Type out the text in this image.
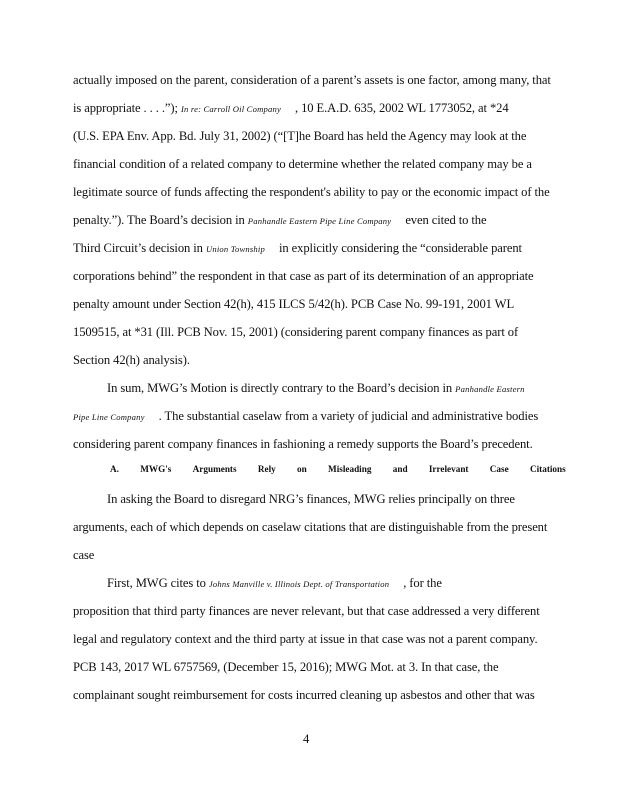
actually imposed on the parent, consideration of a parent’s assets is one factor, among many, that
is appropriate . . . .”); In re: Carroll Oil Company , 10 E.A.D. 635, 2002 WL 1773052, at *24
(U.S. EPA Env. App. Bd. July 31, 2002) (“[T]he Board has held the Agency may look at the
financial condition of a related company to determine whether the related company may be a
legitimate source of funds affecting the respondent's ability to pay or the economic impact of the
penalty.”). The Board’s decision in Panhandle Eastern Pipe Line Company even cited to the
Third Circuit’s decision in Union Township in explicitly considering the “considerable parent
corporations behind” the respondent in that case as part of its determination of an appropriate
penalty amount under Section 42(h), 415 ILCS 5/42(h). PCB Case No. 99-191, 2001 WL
1509515, at *31 (Ill. PCB Nov. 15, 2001) (considering parent company finances as part of
Section 42(h) analysis).
In sum, MWG’s Motion is directly contrary to the Board’s decision in Panhandle Eastern
Pipe Line Company . The substantial caselaw from a variety of judicial and administrative bodies
considering parent company finances in fashioning a remedy supports the Board’s precedent.
A. MWG's Arguments Rely on Misleading and Irrelevant Case Citations
In asking the Board to disregard NRG’s finances, MWG relies principally on three
arguments, each of which depends on caselaw citations that are distinguishable from the present
case
First, MWG cites to Johns Manville v. Illinois Dept. of Transportation , for the
proposition that third party finances are never relevant, but that case addressed a very different
legal and regulatory context and the third party at issue in that case was not a parent company.
PCB 143, 2017 WL 6757569, (December 15, 2016); MWG Mot. at 3. In that case, the
complainant sought reimbursement for costs incurred cleaning up asbestos and other that was
4
